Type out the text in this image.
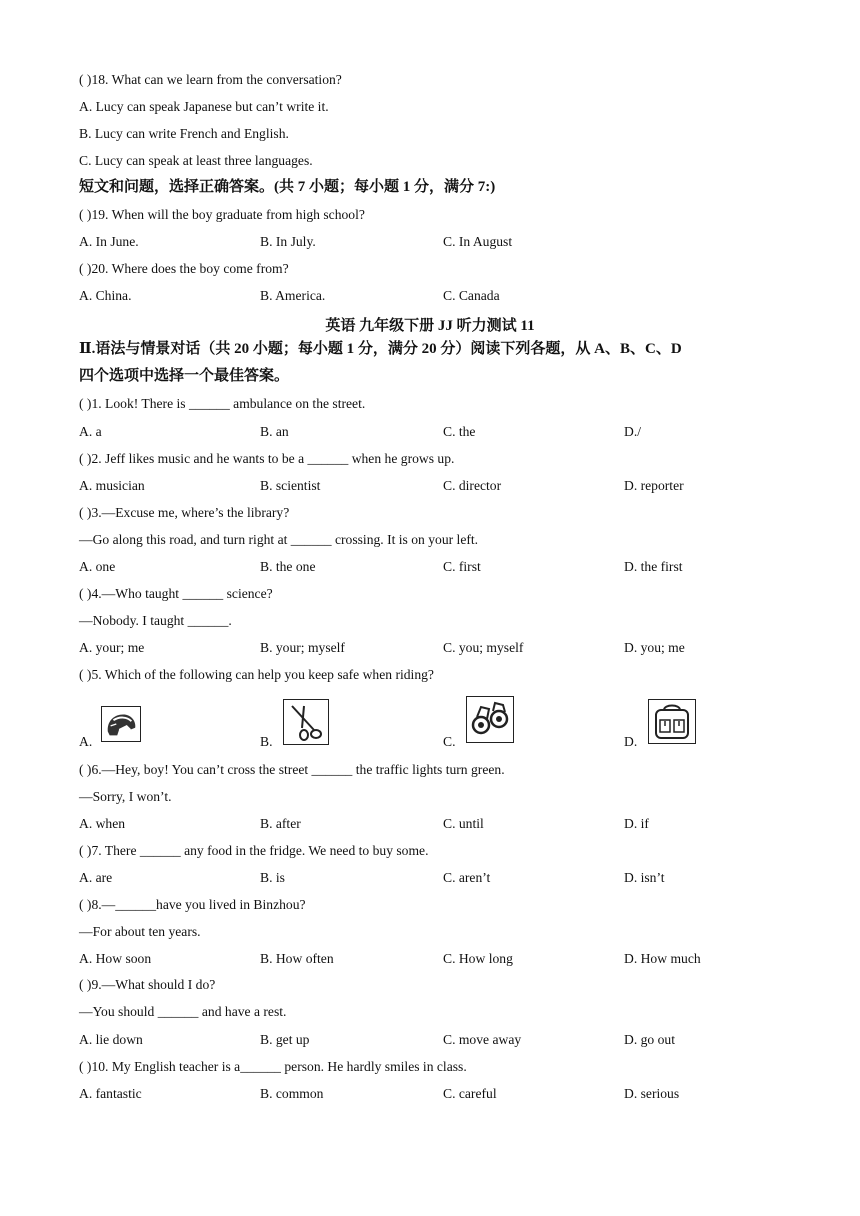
( )18. What can we learn from the conversation?
A. Lucy can speak Japanese but can’t write it.
B. Lucy can write French and English.
C. Lucy can speak at least three languages.
短文和问题，选择正确答案。(共 7 小题；每小题 1 分，满分 7:)
( )19. When will the boy graduate from high school?
A. In June.	B. In July.	C. In August
( )20. Where does the boy come from?
A. China.	B. America.	C. Canada
英语 九年级下册 JJ 听力测试 11
Ⅱ.语法与情景对话（共 20 小题；每小题 1 分，满分 20 分）阅读下列各题，从 A、B、C、D
四个选项中选择一个最佳答案。
( )1. Look! There is ______ ambulance on the street.
A. a	B. an	C. the	D./
( )2. Jeff likes music and he wants to be a ______ when he grows up.
A. musician	B. scientist	C. director	D. reporter
( )3.—Excuse me, where’s the library?
—Go along this road, and turn right at ______ crossing. It is on your left.
A. one	B. the one	C. first	D. the first
( )4.—Who taught ______ science?
—Nobody. I taught ______.
A. your; me	B. your; myself	C. you; myself	D. you; me
( )5. Which of the following can help you keep safe when riding?
A.	B.	C.	D.
( )6.—Hey, boy! You can’t cross the street ______ the traffic lights turn green.
—Sorry, I won’t.
A. when	B. after	C. until	D. if
( )7. There ______ any food in the fridge. We need to buy some.
A. are	B. is	C. aren’t	D. isn’t
( )8.—______have you lived in Binzhou?
—For about ten years.
A. How soon	B. How often	C. How long	D. How much
( )9.—What should I do?
—You should ______ and have a rest.
A. lie down	B. get up	C. move away	D. go out
( )10. My English teacher is a______ person. He hardly smiles in class.
A. fantastic	B. common	C. careful	D. serious
